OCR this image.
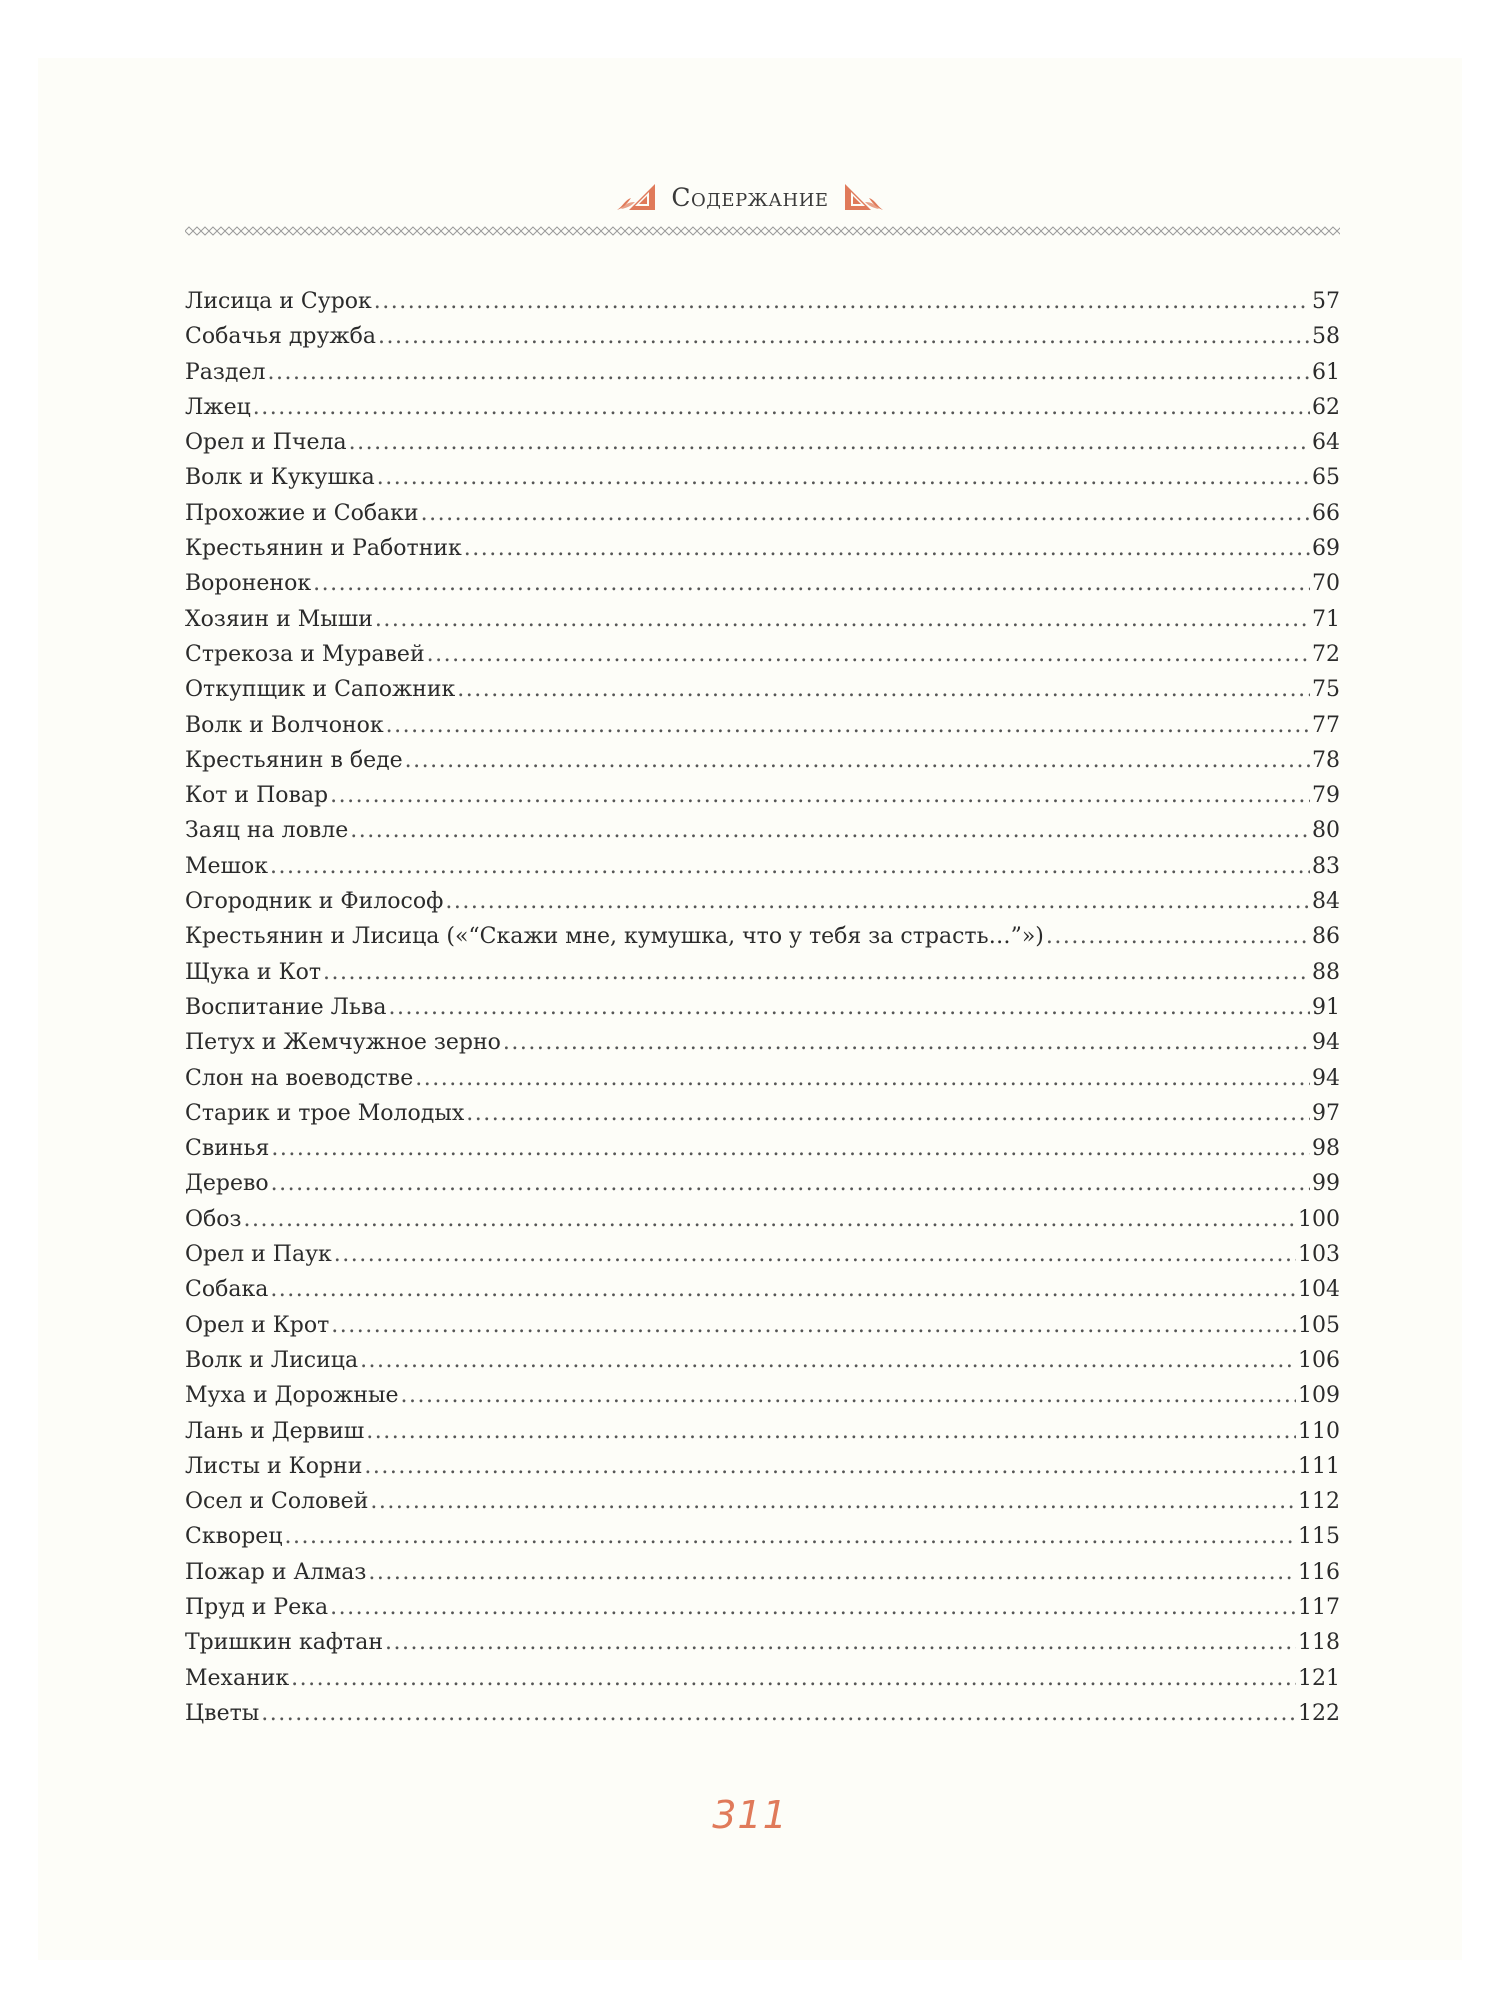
Содержание
Лисица и Сурок .....	57
Собачья дружба .....	58
Раздел .....	61
Лжец .....	62
Орел и Пчела .....	64
Волк и Кукушка .....	65
Прохожие и Собаки .....	66
Крестьянин и Работник .....	69
Вороненок .....	70
Хозяин и Мыши .....	71
Стрекоза и Муравей .....	72
Откупщик и Сапожник .....	75
Волк и Волчонок .....	77
Крестьянин в беде .....	78
Кот и Повар .....	79
Заяц на ловле .....	80
Мешок .....	83
Огородник и Философ .....	84
Крестьянин и Лисица («“Скажи мне, кумушка, что у тебя за страсть…”») .....	86
Щука и Кот .....	88
Воспитание Льва .....	91
Петух и Жемчужное зерно .....	94
Слон на воеводстве .....	94
Старик и трое Молодых .....	97
Свинья .....	98
Дерево .....	99
Обоз .....	100
Орел и Паук .....	103
Собака .....	104
Орел и Крот .....	105
Волк и Лисица .....	106
Муха и Дорожные .....	109
Лань и Дервиш .....	110
Листы и Корни .....	111
Осел и Соловей .....	112
Скворец .....	115
Пожар и Алмаз .....	116
Пруд и Река .....	117
Тришкин кафтан .....	118
Механик .....	121
Цветы .....	122
311
